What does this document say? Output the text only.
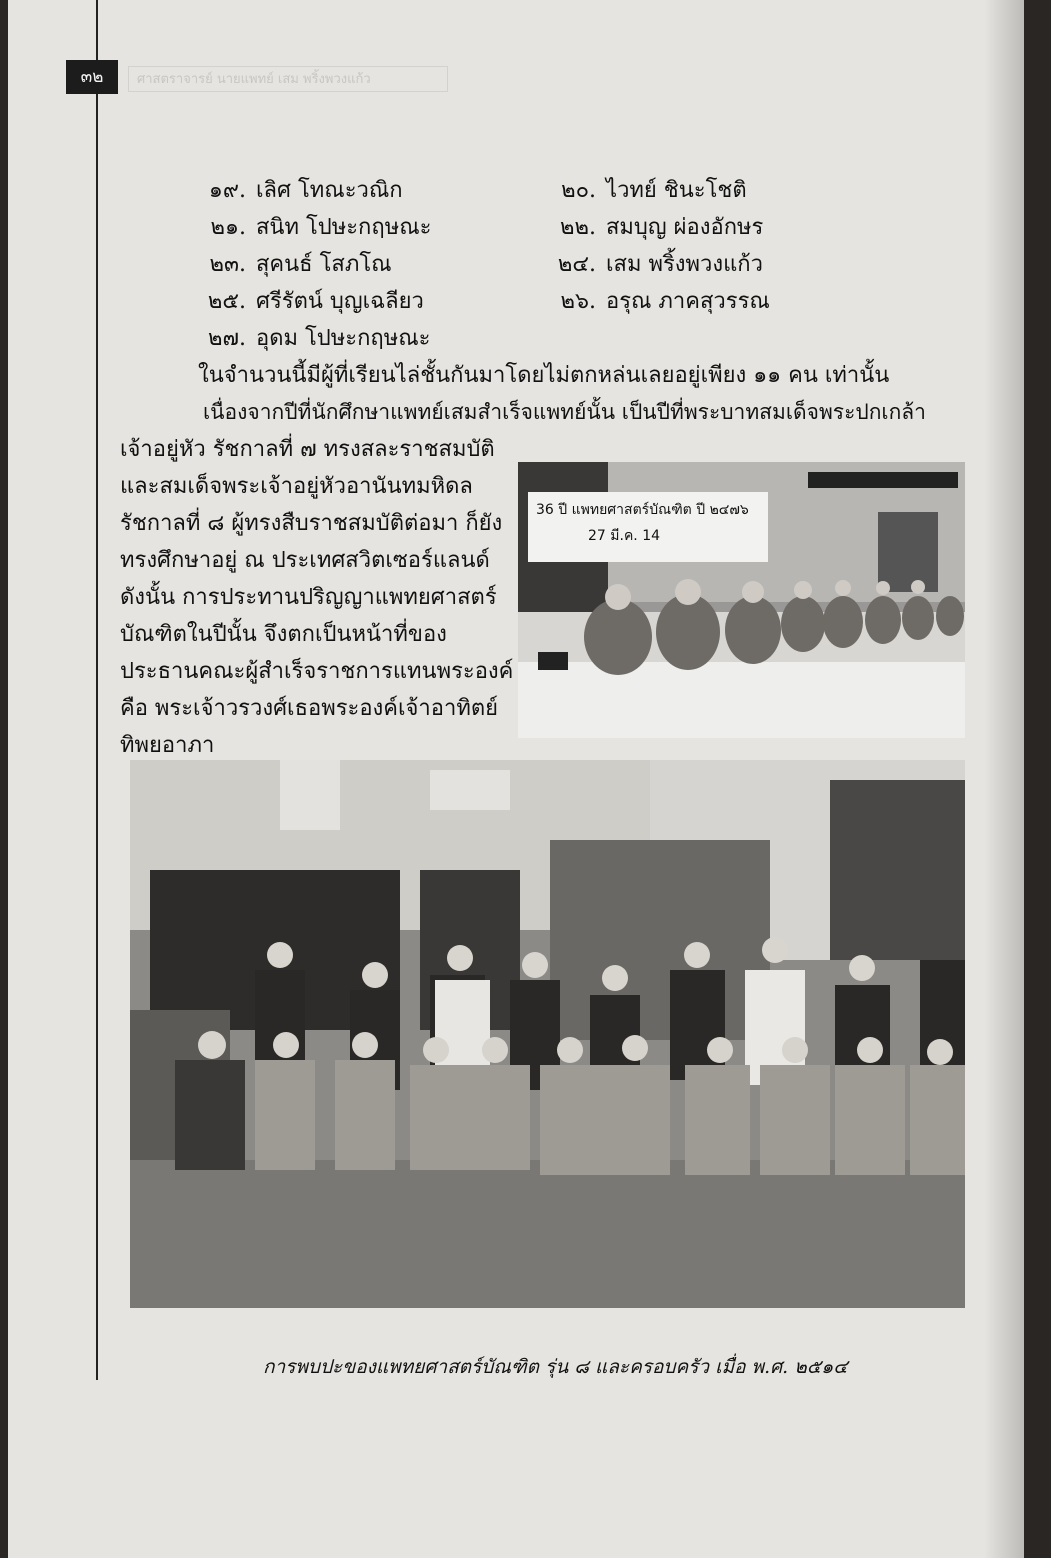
๓๒	ศาสตราจารย์ นายแพทย์ เสม พริ้งพวงแก้ว
๑๙. เลิศ โทณะวณิก	๒๐. ไวทย์ ชินะโชติ
๒๑. สนิท โปษะกฤษณะ	๒๒. สมบุญ ผ่องอักษร
๒๓. สุคนธ์ โสภโณ	๒๔. เสม พริ้งพวงแก้ว
๒๕. ศรีรัตน์ บุญเฉลียว	๒๖. อรุณ ภาคสุวรรณ
๒๗. อุดม โปษะกฤษณะ
ในจำนวนนี้มีผู้ที่เรียนไล่ชั้นกันมาโดยไม่ตกหล่นเลยอยู่เพียง ๑๑ คน เท่านั้น
เนื่องจากปีที่นักศึกษาแพทย์เสมสำเร็จแพทย์นั้น เป็นปีที่พระบาทสมเด็จพระปกเกล้า
เจ้าอยู่หัว รัชกาลที่ ๗ ทรงสละราชสมบัติ
และสมเด็จพระเจ้าอยู่หัวอานันทมหิดล
รัชกาลที่ ๘ ผู้ทรงสืบราชสมบัติต่อมา ก็ยัง
ทรงศึกษาอยู่ ณ ประเทศสวิตเซอร์แลนด์
ดังนั้น การประทานปริญญาแพทยศาสตร์
บัณฑิตในปีนั้น จึงตกเป็นหน้าที่ของ
ประธานคณะผู้สำเร็จราชการแทนพระองค์
คือ พระเจ้าวรวงศ์เธอพระองค์เจ้าอาทิตย์
ทิพยอาภา
36 ปี แพทยศาสตร์บัณฑิต ปี ๒๔๗๖
27 มี.ค. 14
การพบปะของแพทยศาสตร์บัณฑิต รุ่น ๘ และครอบครัว เมื่อ พ.ศ. ๒๕๑๔
